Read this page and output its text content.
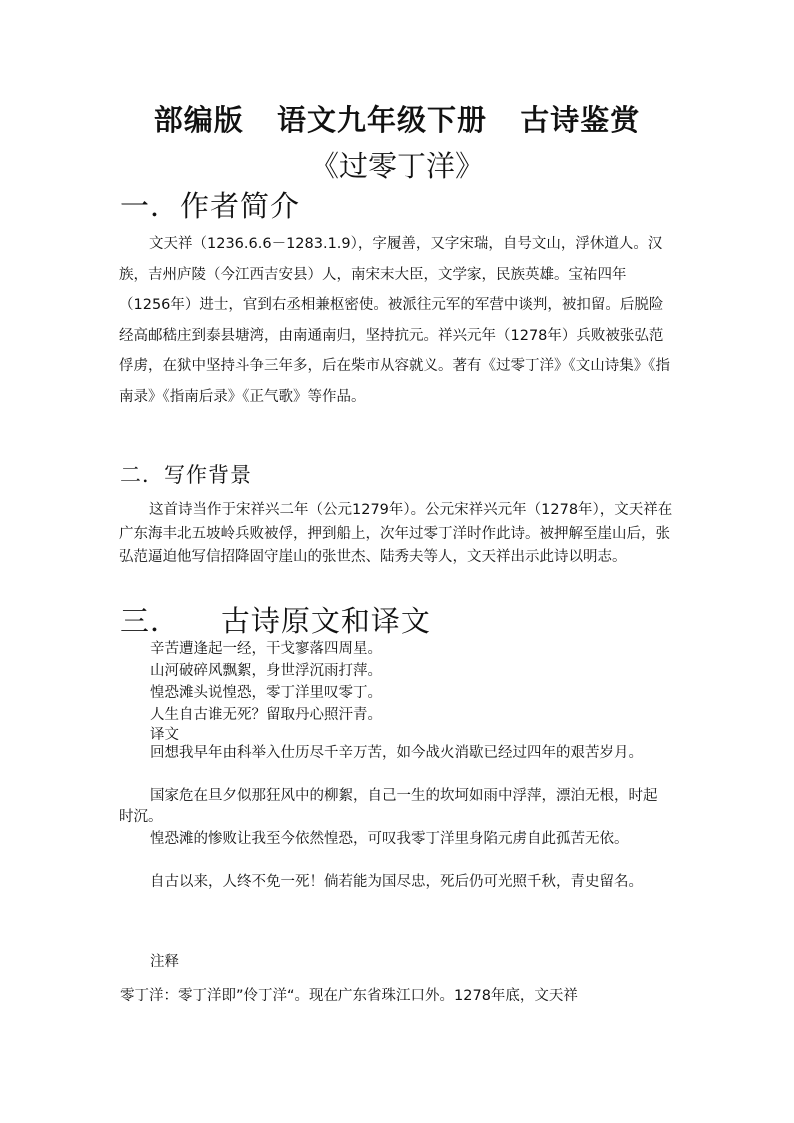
部编版   语文九年级下册   古诗鉴赏
《过零丁洋》
一．作者简介
文天祥（1236.6.6－1283.1.9），字履善，又字宋瑞，自号文山，浮休道人。汉族，吉州庐陵（今江西吉安县）人，南宋末大臣，文学家，民族英雄。宝祐四年（1256年）进士，官到右丞相兼枢密使。被派往元军的军营中谈判，被扣留。后脱险经高邮嵇庄到泰县塘湾，由南通南归，坚持抗元。祥兴元年（1278年）兵败被张弘范俘虏，在狱中坚持斗争三年多，后在柴市从容就义。著有《过零丁洋》《文山诗集》《指南录》《指南后录》《正气歌》等作品。
二．写作背景
这首诗当作于宋祥兴二年（公元1279年）。公元宋祥兴元年（1278年），文天祥在广东海丰北五坡岭兵败被俘，押到船上，次年过零丁洋时作此诗。被押解至崖山后，张弘范逼迫他写信招降固守崖山的张世杰、陆秀夫等人，文天祥出示此诗以明志。
三．    古诗原文和译文
辛苦遭逢起一经，干戈寥落四周星。
山河破碎风飘絮，身世浮沉雨打萍。
惶恐滩头说惶恐，零丁洋里叹零丁。
人生自古谁无死？留取丹心照汗青。
译文
回想我早年由科举入仕历尽千辛万苦，如今战火消歇已经过四年的艰苦岁月。
国家危在旦夕似那狂风中的柳絮，自己一生的坎坷如雨中浮萍，漂泊无根，时起时沉。
惶恐滩的惨败让我至今依然惶恐，可叹我零丁洋里身陷元虏自此孤苦无依。
自古以来，人终不免一死！倘若能为国尽忠，死后仍可光照千秋，青史留名。
注释
零丁洋：零丁洋即”伶丁洋“。现在广东省珠江口外。1278年底，文天祥
